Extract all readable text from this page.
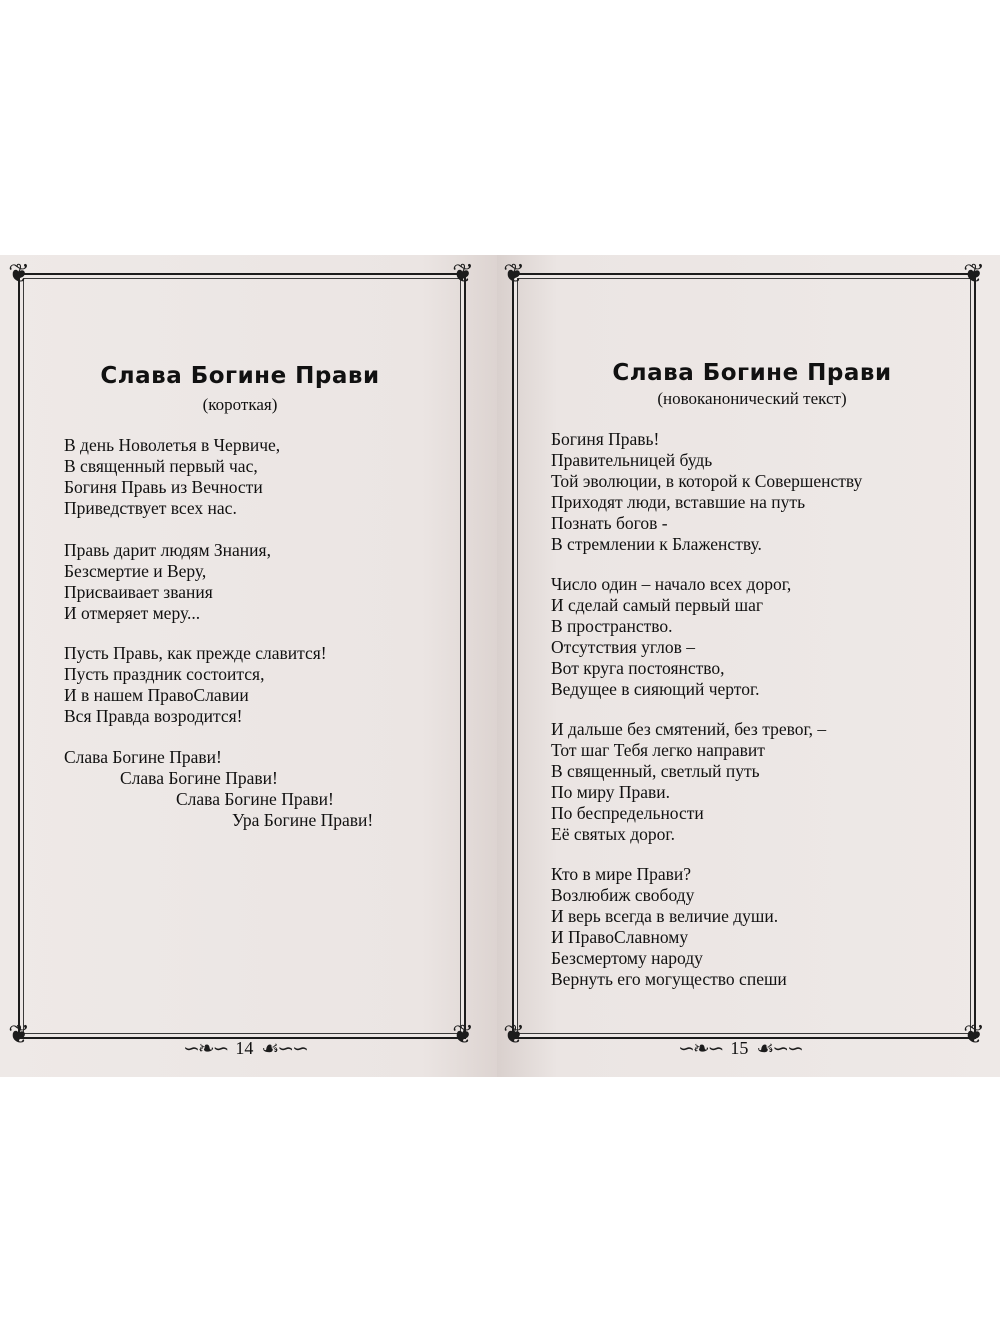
❦	❦
❦	❦
Слава Богине Прави
(короткая)
В день Новолетья в Червиче,
В священный первый час,
Богиня Правь из Вечности
Приведствует всех нас.
Правь дарит людям Знания,
Безсмертие и Веру,
Присваивает звания
И отмеряет меру...
Пусть Правь, как прежде славится!
Пусть праздник состоится,
И в нашем ПравоСлавии
Вся Правда возродится!
Слава Богине Прави!
Слава Богине Прави!
Слава Богине Прави!
Ура Богине Прави!
∽❧∽ 14 ☙∽∽
❦	❦
❦	❦
Слава Богине Прави
(новоканонический текст)
Богиня Правь!
Правительницей будь
Той эволюции, в которой к Совершенству
Приходят люди, вставшие на путь
Познать богов -
В стремлении к Блаженству.
Число один – начало всех дорог,
И сделай самый первый шаг
В пространство.
Отсутствия углов –
Вот круга постоянство,
Ведущее в сияющий чертог.
И дальше без смятений, без тревог, –
Тот шаг Тебя легко направит
В священный, светлый путь
По миру Прави.
По беспредельности
Её святых дорог.
Кто в мире Прави?
Возлюбиж свободу
И верь всегда в величие души.
И ПравоСлавному
Безсмертому народу
Вернуть его могущество спеши
∽❧∽ 15 ☙∽∽
